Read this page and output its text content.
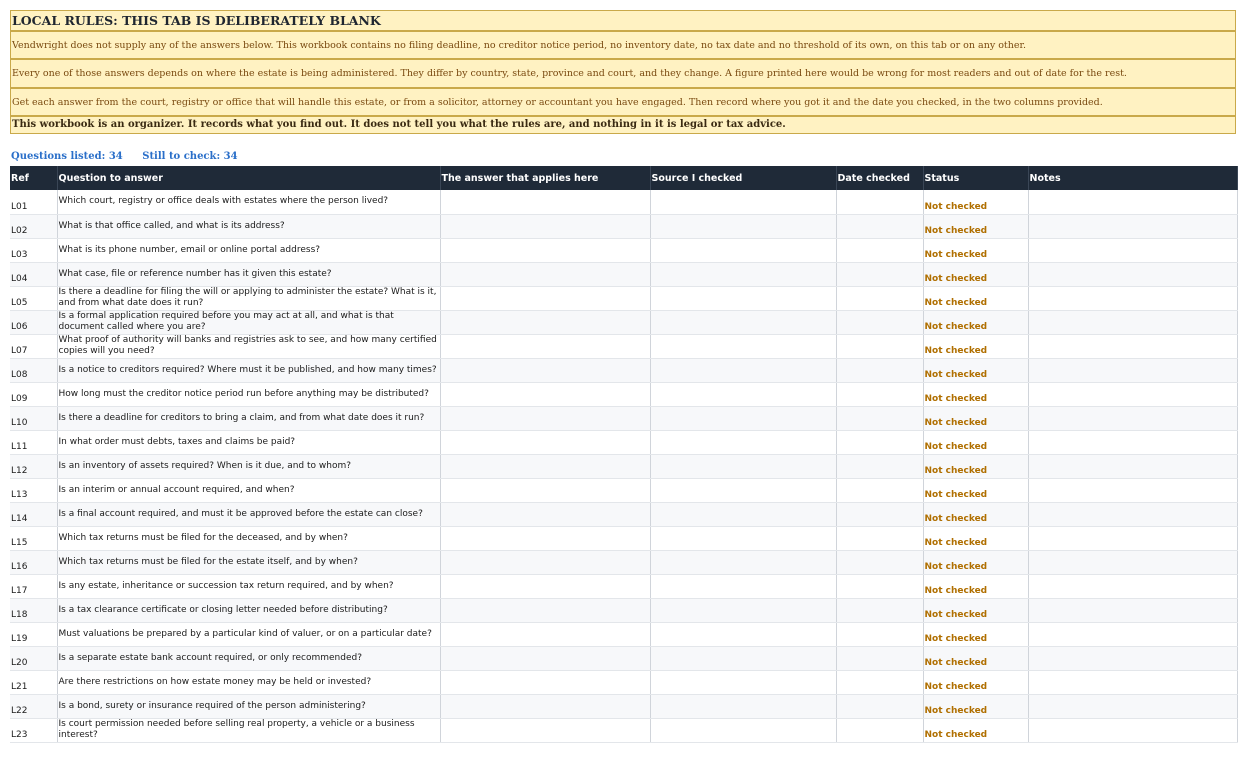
LOCAL RULES: THIS TAB IS DELIBERATELY BLANK
Vendwright does not supply any of the answers below. This workbook contains no filing deadline, no creditor notice period, no inventory date, no tax date and no threshold of its own, on this tab or on any other.
Every one of those answers depends on where the estate is being administered. They differ by country, state, province and court, and they change. A figure printed here would be wrong for most readers and out of date for the rest.
Get each answer from the court, registry or office that will handle this estate, or from a solicitor, attorney or accountant you have engaged. Then record where you got it and the date you checked, in the two columns provided.
This workbook is an organizer. It records what you find out. It does not tell you what the rules are, and nothing in it is legal or tax advice.
Questions listed: 34 Still to check: 34
Ref	Question to answer	The answer that applies here	Source I checked	Date checked	Status	Notes
L01	Which court, registry or office deals with estates where the person lived?				Not checked	
L02	What is that office called, and what is its address?				Not checked	
L03	What is its phone number, email or online portal address?				Not checked	
L04	What case, file or reference number has it given this estate?				Not checked	
L05	Is there a deadline for filing the will or applying to administer the estate? What is it, and from what date does it run?				Not checked	
L06	Is a formal application required before you may act at all, and what is that document called where you are?				Not checked	
L07	What proof of authority will banks and registries ask to see, and how many certified copies will you need?				Not checked	
L08	Is a notice to creditors required? Where must it be published, and how many times?				Not checked	
L09	How long must the creditor notice period run before anything may be distributed?				Not checked	
L10	Is there a deadline for creditors to bring a claim, and from what date does it run?				Not checked	
L11	In what order must debts, taxes and claims be paid?				Not checked	
L12	Is an inventory of assets required? When is it due, and to whom?				Not checked	
L13	Is an interim or annual account required, and when?				Not checked	
L14	Is a final account required, and must it be approved before the estate can close?				Not checked	
L15	Which tax returns must be filed for the deceased, and by when?				Not checked	
L16	Which tax returns must be filed for the estate itself, and by when?				Not checked	
L17	Is any estate, inheritance or succession tax return required, and by when?				Not checked	
L18	Is a tax clearance certificate or closing letter needed before distributing?				Not checked	
L19	Must valuations be prepared by a particular kind of valuer, or on a particular date?				Not checked	
L20	Is a separate estate bank account required, or only recommended?				Not checked	
L21	Are there restrictions on how estate money may be held or invested?				Not checked	
L22	Is a bond, surety or insurance required of the person administering?				Not checked	
L23	Is court permission needed before selling real property, a vehicle or a business interest?				Not checked	
